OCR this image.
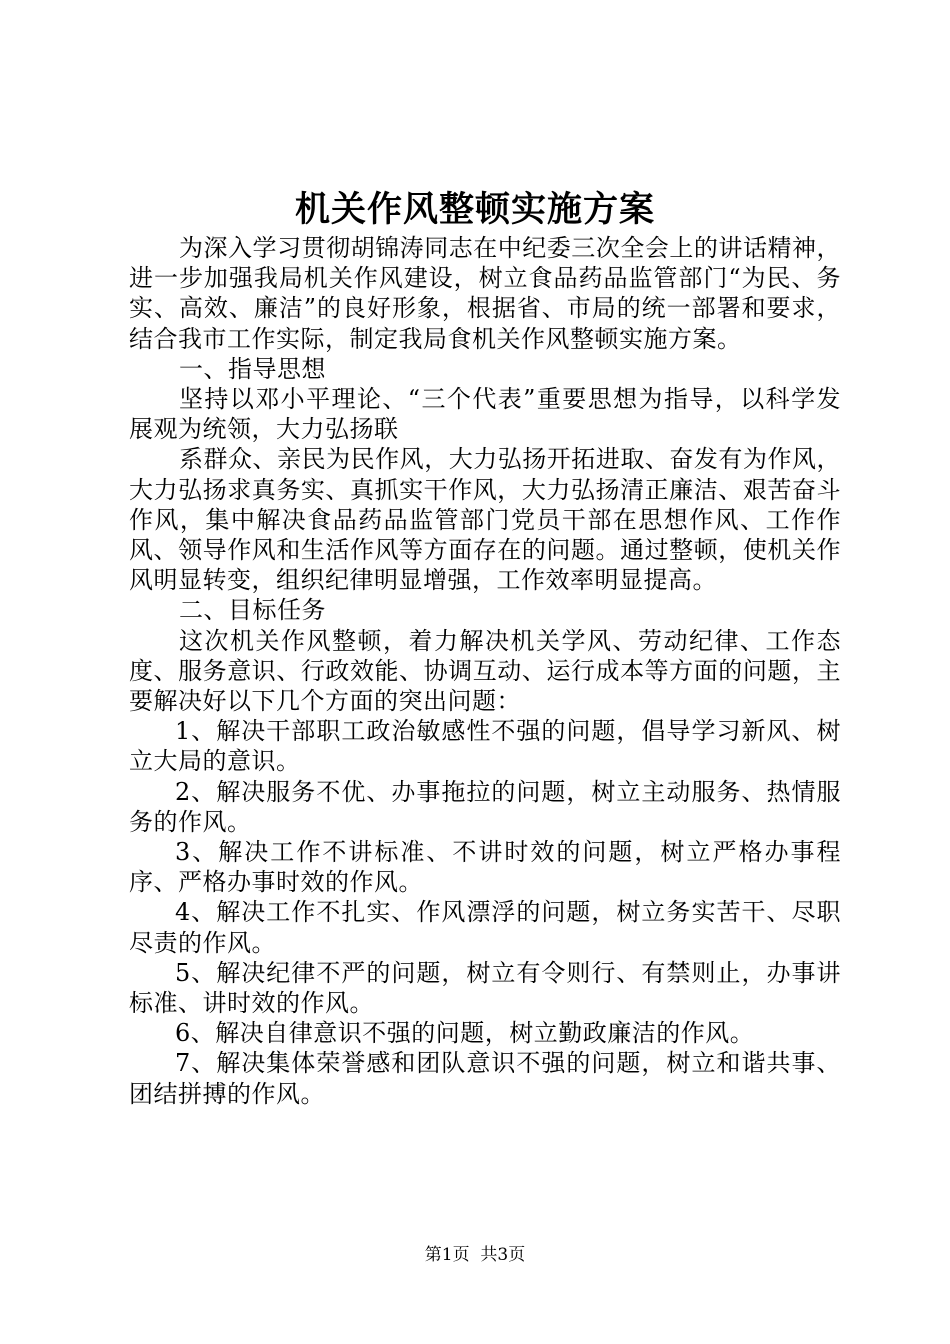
机关作风整顿实施方案

为深入学习贯彻胡锦涛同志在中纪委三次全会上的讲话精神，进一步加强我局机关作风建设，树立食品药品监管部门“为民、务实、高效、廉洁”的良好形象，根据省、市局的统一部署和要求，结合我市工作实际，制定我局食机关作风整顿实施方案。

一、指导思想

坚持以邓小平理论、“三个代表”重要思想为指导，以科学发展观为统领，大力弘扬联

系群众、亲民为民作风，大力弘扬开拓进取、奋发有为作风，大力弘扬求真务实、真抓实干作风，大力弘扬清正廉洁、艰苦奋斗作风，集中解决食品药品监管部门党员干部在思想作风、工作作风、领导作风和生活作风等方面存在的问题。通过整顿，使机关作风明显转变，组织纪律明显增强，工作效率明显提高。

二、目标任务

这次机关作风整顿，着力解决机关学风、劳动纪律、工作态度、服务意识、行政效能、协调互动、运行成本等方面的问题，主要解决好以下几个方面的突出问题：

1、解决干部职工政治敏感性不强的问题，倡导学习新风、树立大局的意识。

2、解决服务不优、办事拖拉的问题，树立主动服务、热情服务的作风。

3、解决工作不讲标准、不讲时效的问题，树立严格办事程序、严格办事时效的作风。

4、解决工作不扎实、作风漂浮的问题，树立务实苦干、尽职尽责的作风。

5、解决纪律不严的问题，树立有令则行、有禁则止，办事讲标准、讲时效的作风。

6、解决自律意识不强的问题，树立勤政廉洁的作风。

7、解决集体荣誉感和团队意识不强的问题，树立和谐共事、团结拼搏的作风。

第1页  共3页
